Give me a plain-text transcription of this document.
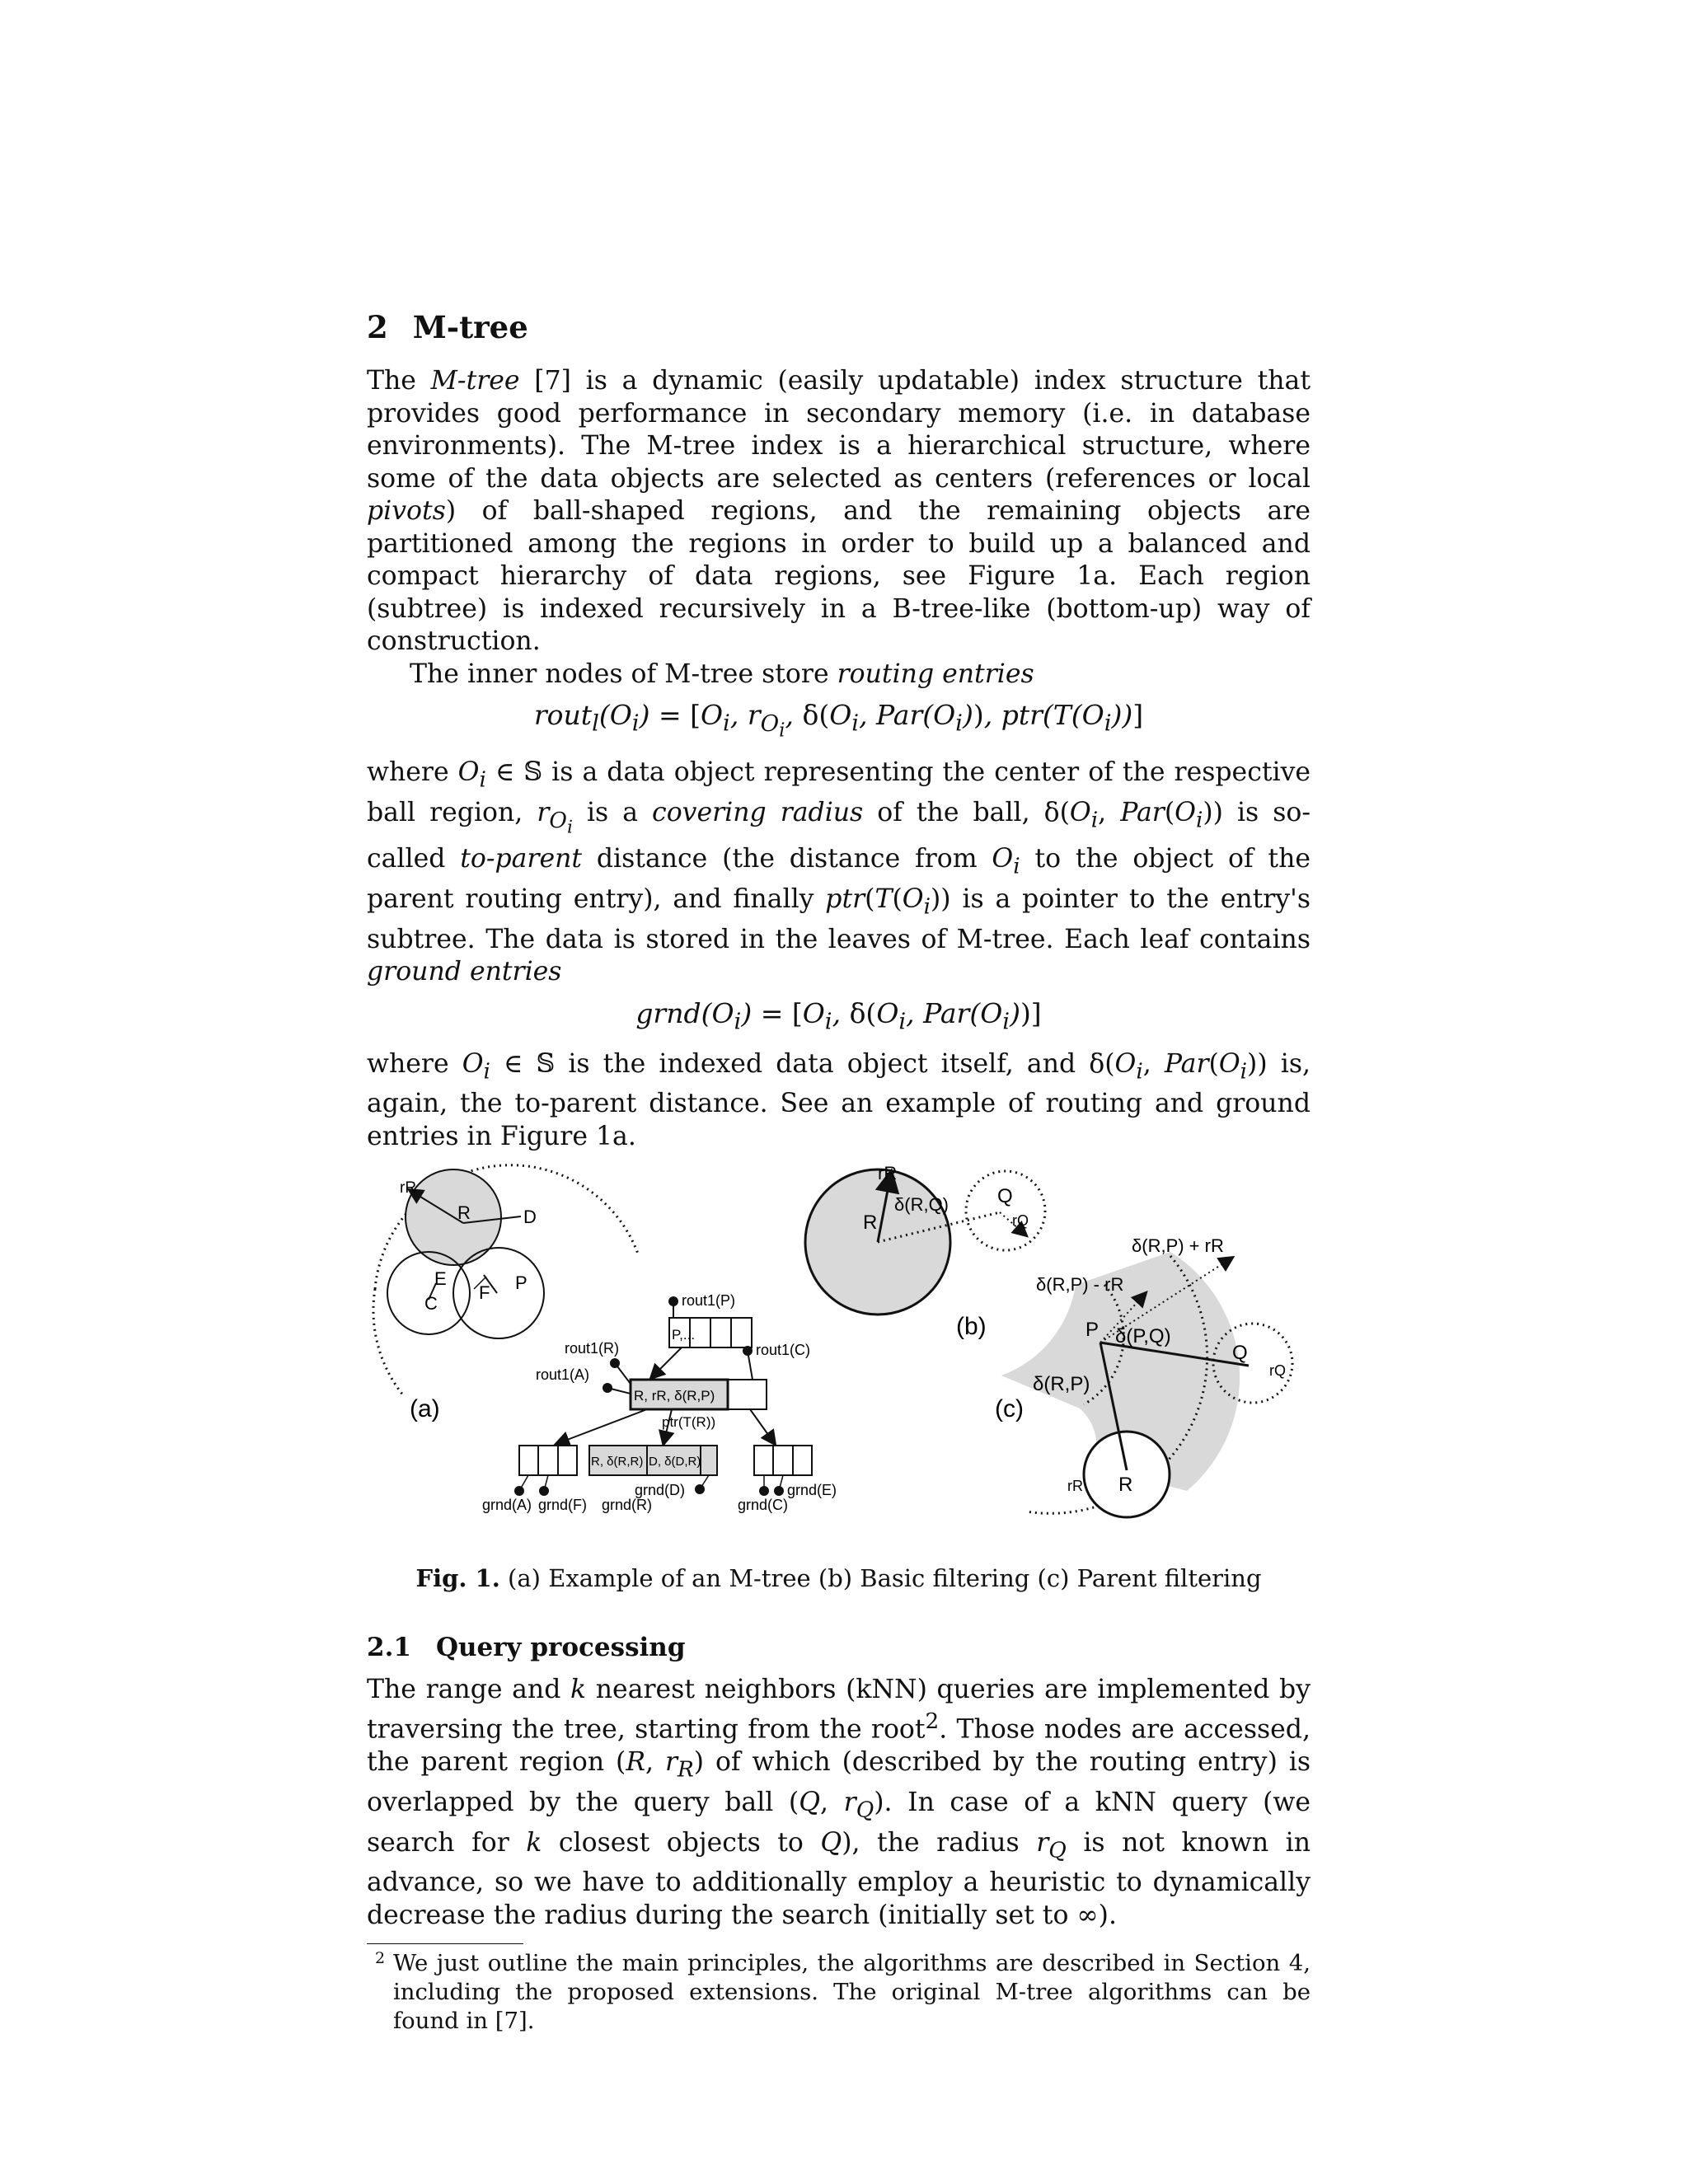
2 M-tree

The M-tree [7] is a dynamic (easily updatable) index structure that provides good performance in secondary memory (i.e. in database environments). The M-tree index is a hierarchical structure, where some of the data objects are selected as centers (references or local pivots) of ball-shaped regions, and the remaining objects are partitioned among the regions in order to build up a balanced and compact hierarchy of data regions, see Figure 1a. Each region (subtree) is indexed recursively in a B-tree-like (bottom-up) way of construction.

The inner nodes of M-tree store routing entries

$rout_l(O_i) = [O_i$, $r_{O_i}$, $\delta(O_i$, $Par(O_i)$), $ptr(T(O_i))$]

where $O_i$ ∈ 𝕊 is a data object representing the center of the respective ball region, $r_{O_i}$ is a covering radius of the ball, $\delta(O_i$, $Par(O_i)$) is so-called to-parent distance (the distance from $O_i$ to the object of the parent routing entry), and finally $ptr(T(O_i))$ is a pointer to the entry's subtree. The data is stored in the leaves of M-tree. Each leaf contains ground entries

$grnd(O_i) = [O_i$, $\delta(O_i$, $Par(O_i)$)]

where $O_i$ ∈ 𝕊 is the indexed data object itself, and $\delta(O_i$, $Par(O_i)$) is, again, the to-parent distance. See an example of routing and ground entries in Figure 1a.

rR
R	D
E	P
C
F
(a)
P,...
rout1(P)
R, rR, δ(R,P)
rout1(R)
rout1(A)
rout1(C)
ptr(T(R))
R, δ(R,R) D, δ(D,R)
grnd(A) grnd(F) grnd(R)
grnd(D)	grnd(E)
grnd(C)
rR
R
δ(R,Q) Q
rQ
(b)
δ(R,P) + rR
δ(R,P) - rR
P δ(P,Q)
Q
rQ
δ(R,P)
R
rR
(c)
Fig. 1. (a) Example of an M-tree (b) Basic filtering (c) Parent filtering
2.1 Query processing

The range and k nearest neighbors (kNN) queries are implemented by traversing the tree, starting from the root$^2$. Those nodes are accessed, the parent region (R, $r_R$) of which (described by the routing entry) is overlapped by the query ball (Q, $r_Q$). In case of a kNN query (we search for k closest objects to Q), the radius $r_Q$ is not known in advance, so we have to additionally employ a heuristic to dynamically decrease the radius during the search (initially set to ∞).

2 We just outline the main principles, the algorithms are described in Section 4, including the proposed extensions. The original M-tree algorithms can be found in [7].
